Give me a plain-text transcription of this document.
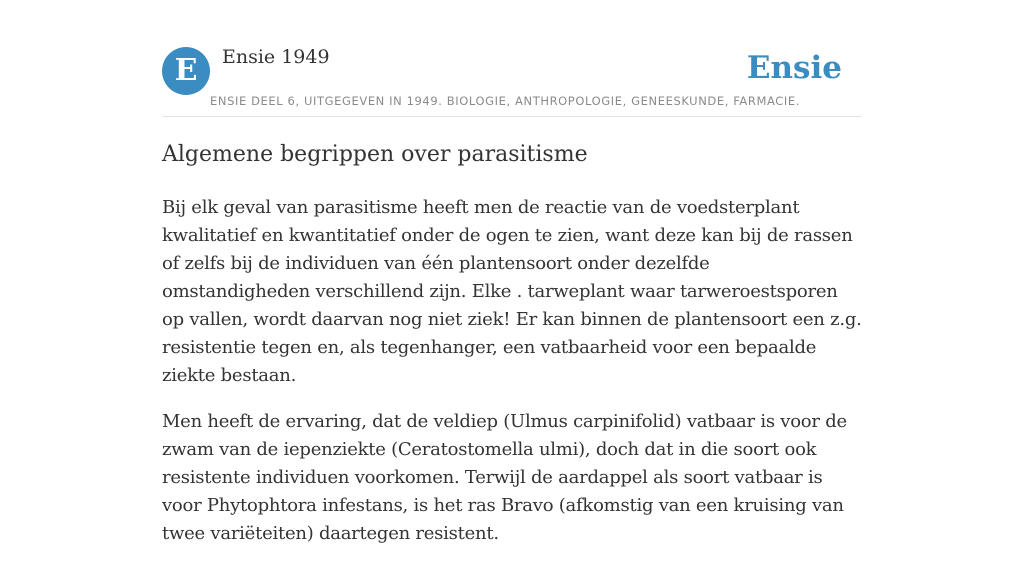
E	Ensie 1949	Ensie
ENSIE DEEL 6, UITGEGEVEN IN 1949. BIOLOGIE, ANTHROPOLOGIE, GENEESKUNDE, FARMACIE.
Algemene begrippen over parasitisme

Bij elk geval van parasitisme heeft men de reactie van de voedsterplant kwalitatief en kwantitatief onder de ogen te zien, want deze kan bij de rassen of zelfs bij de individuen van één plantensoort onder dezelfde omstandigheden verschillend zijn. Elke . tarweplant waar tarweroestsporen op vallen, wordt daarvan nog niet ziek! Er kan binnen de plantensoort een z.g. resistentie tegen en, als tegenhanger, een vatbaarheid voor een bepaalde ziekte bestaan.

Men heeft de ervaring, dat de veldiep (Ulmus carpinifolid) vatbaar is voor de zwam van de iepenziekte (Ceratostomella ulmi), doch dat in die soort ook resistente individuen voorkomen. Terwijl de aardappel als soort vatbaar is voor Phytophtora infestans, is het ras Bravo (afkomstig van een kruising van twee variëteiten) daartegen resistent.
